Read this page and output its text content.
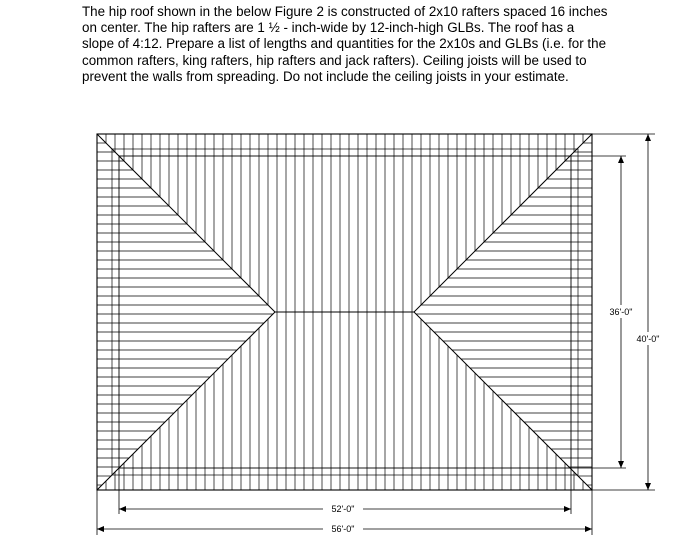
The hip roof shown in the below Figure 2 is constructed of 2x10 rafters spaced 16 inches
on center. The hip rafters are 1 ½ - inch-wide by 12-inch-high GLBs. The roof has a
slope of 4:12. Prepare a list of lengths and quantities for the 2x10s and GLBs (i.e. for the
common rafters, king rafters, hip rafters and jack rafters). Ceiling joists will be used to
prevent the walls from spreading. Do not include the ceiling joists in your estimate.
36'-0"
40'-0"
52'-0"
56'-0"
